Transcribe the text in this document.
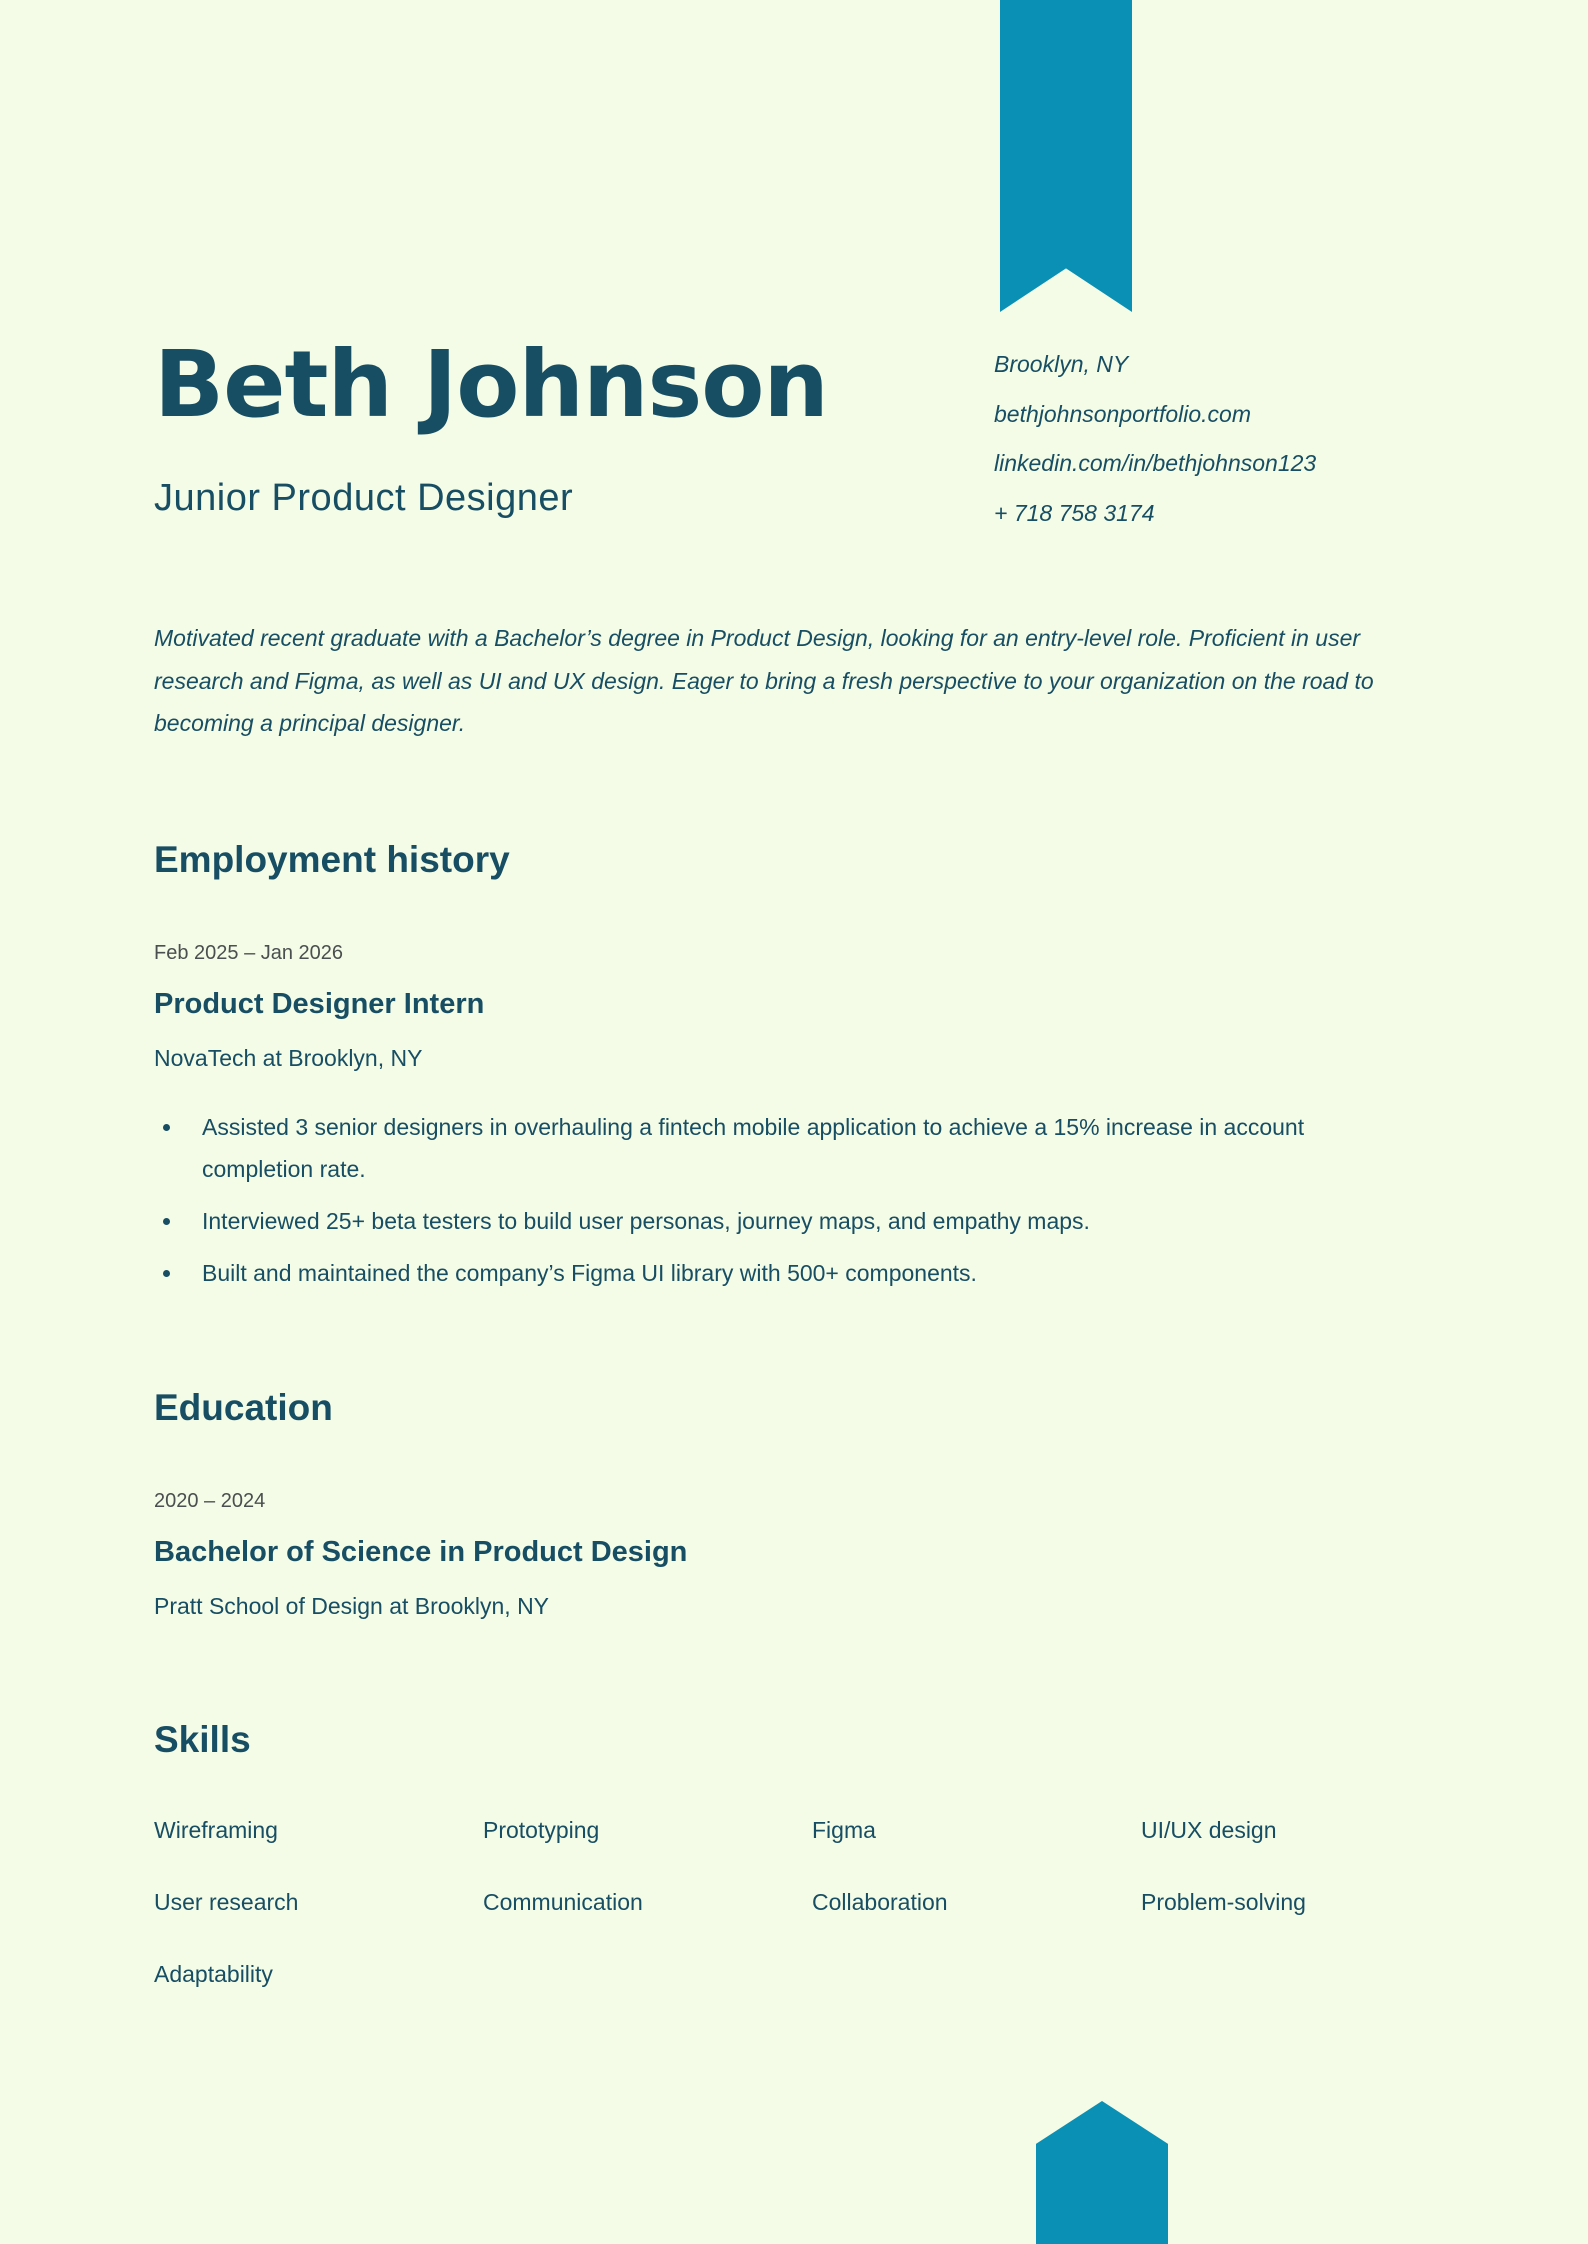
Beth Johnson
Junior Product Designer
Brooklyn, NY
bethjohnsonportfolio.com
linkedin.com/in/bethjohnson123
+ 718 758 3174

Motivated recent graduate with a Bachelor’s degree in Product Design, looking for an entry-level role. Proficient in user research and Figma, as well as UI and UX design. Eager to bring a fresh perspective to your organization on the road to becoming a principal designer.

Employment history
Feb 2025 – Jan 2026
Product Designer Intern
NovaTech at Brooklyn, NY
Assisted 3 senior designers in overhauling a fintech mobile application to achieve a 15% increase in account completion rate.
Interviewed 25+ beta testers to build user personas, journey maps, and empathy maps.
Built and maintained the company’s Figma UI library with 500+ components.
Education
2020 – 2024
Bachelor of Science in Product Design
Pratt School of Design at Brooklyn, NY
Skills
Wireframing	Prototyping	Figma	UI/UX design
User research	Communication	Collaboration	Problem-solving
Adaptability
